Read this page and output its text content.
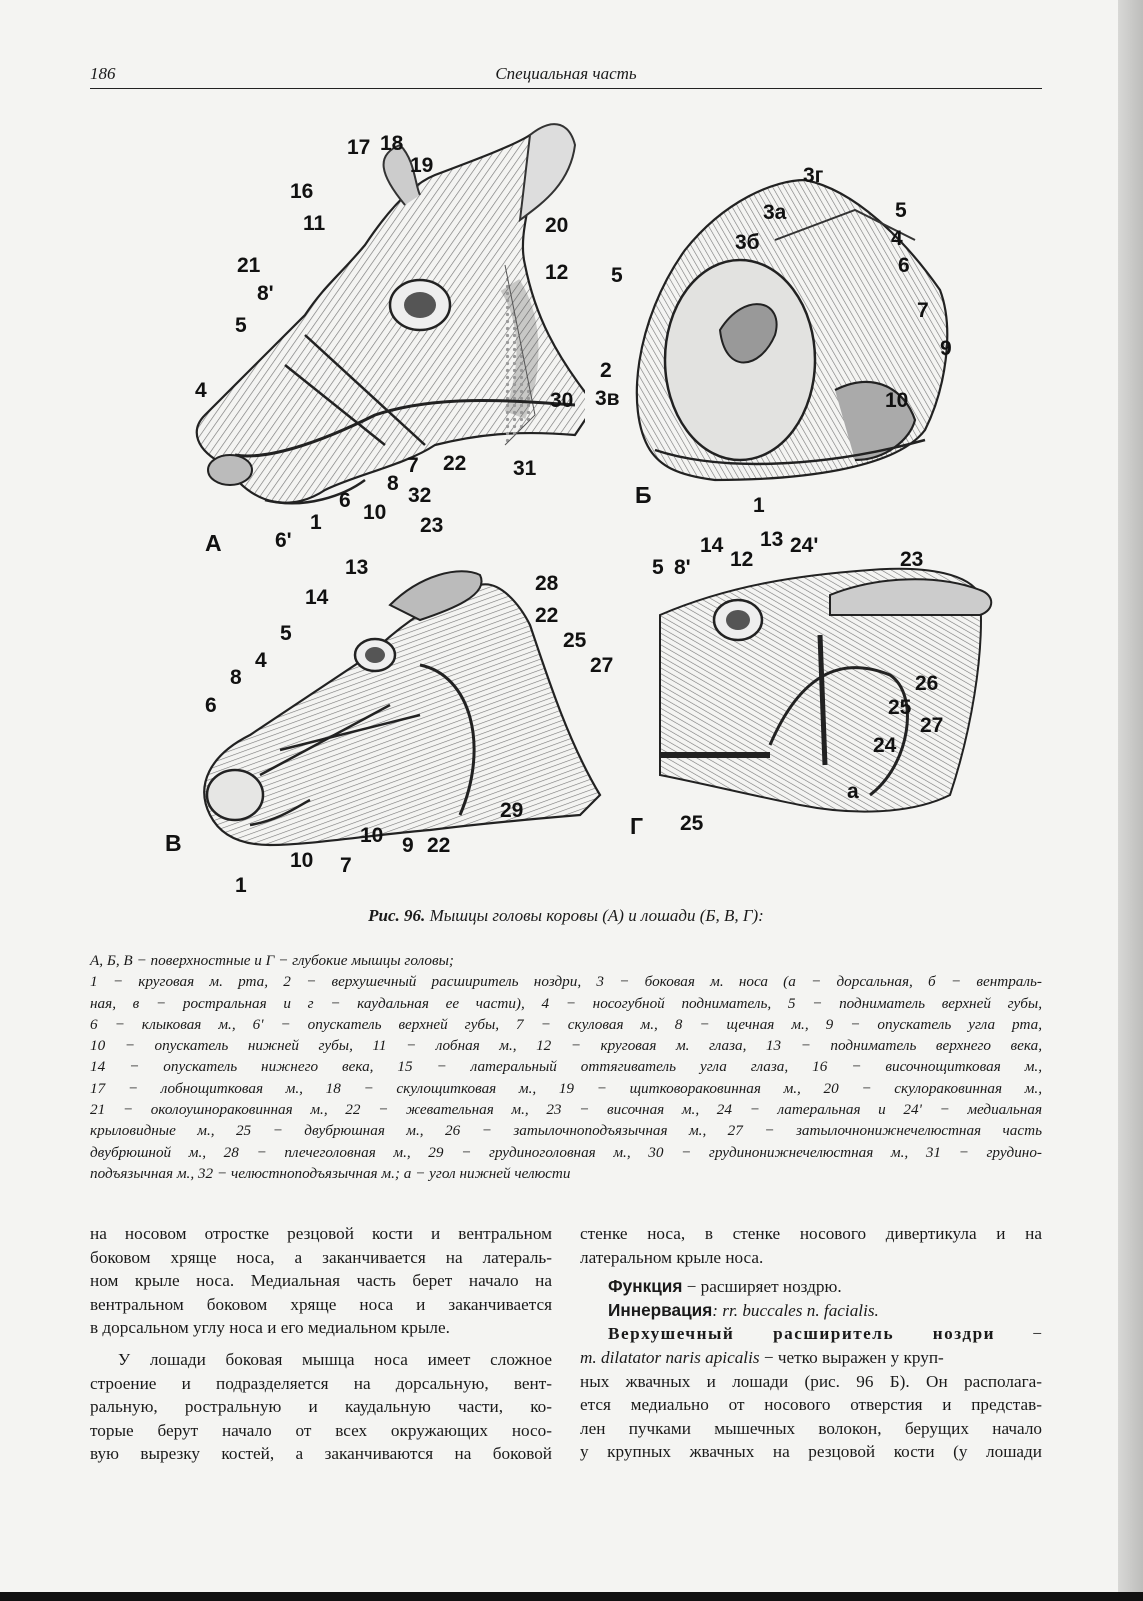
186	Специальная часть
17 18
19
16
11	20
21	12
8'
5
4	30
7 22 31
8
32
6
10
1
6'
А
3г
5
3а
4
3б
6
5
7
9
2
3в	10
1
Б
23
13
28
14
22
5	25
4	27
8
6
29
10 9 22
1
10 7
В
14 13 24'
5 8' 12	23
26
25
27
24
а
25
Г
Рис. 96. Мышцы головы коровы (А) и лошади (Б, В, Г):
А, Б, В − поверхностные и Г − глубокие мышцы головы;
1 − круговая м. рта, 2 − верхушечный расширитель ноздри, 3 − боковая м. носа (а − дорсальная, б − вентраль-
ная, в − ростральная и г − каудальная ее части), 4 − носогубной подниматель, 5 − подниматель верхней губы,
6 − клыковая м., 6' − опускатель верхней губы, 7 − скуловая м., 8 − щечная м., 9 − опускатель угла рта,
10 − опускатель нижней губы, 11 − лобная м., 12 − круговая м. глаза, 13 − подниматель верхнего века,
14 − опускатель нижнего века, 15 − латеральный оттягиватель угла глаза, 16 − височнощитковая м.,
17 − лобнощитковая м., 18 − скулощитковая м., 19 − щитковораковинная м., 20 − скулораковинная м.,
21 − околоушнораковинная м., 22 − жевательная м., 23 − височная м., 24 − латеральная и 24' − медиальная
крыловидные м., 25 − двубрюшная м., 26 − затылочноподъязычная м., 27 − затылочнонижнечелюстная часть
двубрюшной м., 28 − плечеголовная м., 29 − грудиноголовная м., 30 − грудинонижнечелюстная м., 31 − грудино-
подъязычная м., 32 − челюстноподъязычная м.; а − угол нижней челюсти
на носовом отростке резцовой кости и вентральном
боковом хряще носа, а заканчивается на латераль-
ном крыле носа. Медиальная часть берет начало на
вентральном боковом хряще носа и заканчивается
в дорсальном углу носа и его медиальном крыле.
У лошади боковая мышца носа имеет сложное
строение и подразделяется на дорсальную, вент-
ральную, ростральную и каудальную части, ко-
торые берут начало от всех окружающих носо-
вую вырезку костей, а заканчиваются на боковой
стенке носа, в стенке носового дивертикула и на
латеральном крыле носа.
Функция − расширяет ноздрю.
Иннервация: rr. buccales n. facialis.
Верхушечный расширитель ноздри −
m. dilatator naris apicalis − четко выражен у круп-
ных жвачных и лошади (рис. 96 Б). Он располага-
ется медиально от носового отверстия и представ-
лен пучками мышечных волокон, берущих начало
у крупных жвачных на резцовой кости (у лошади
